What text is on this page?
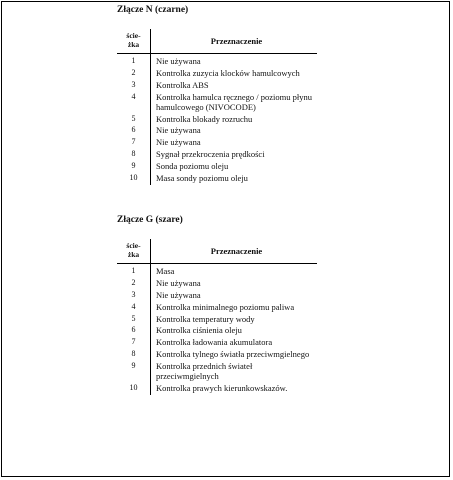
Złącze N (czarne)

ście-
żka	Przeznaczenie
1	Nie używana
2	Kontrolka zuzycia klocków hamulcowych
3	Kontrolka ABS
4	Kontrolka hamulca ręcznego / poziomu płynu hamulcowego (NIVOCODE)
5	Kontrolka blokady rozruchu
6	Nie używana
7	Nie używana
8	Sygnał przekroczenia prędkości
9	Sonda poziomu oleju
10	Masa sondy poziomu oleju

Złącze G (szare)

ście-
żka	Przeznaczenie
1	Masa
2	Nie używana
3	Nie używana
4	Kontrolka minimalnego poziomu paliwa
5	Kontrolka temperatury wody
6	Kontrolka ciśnienia oleju
7	Kontrolka ładowania akumulatora
8	Kontrolka tylnego światła przeciwmgielnego
9	Kontrolka przednich świateł przeciwmgielnych
10	Kontrolka prawych kierunkowskazów.
